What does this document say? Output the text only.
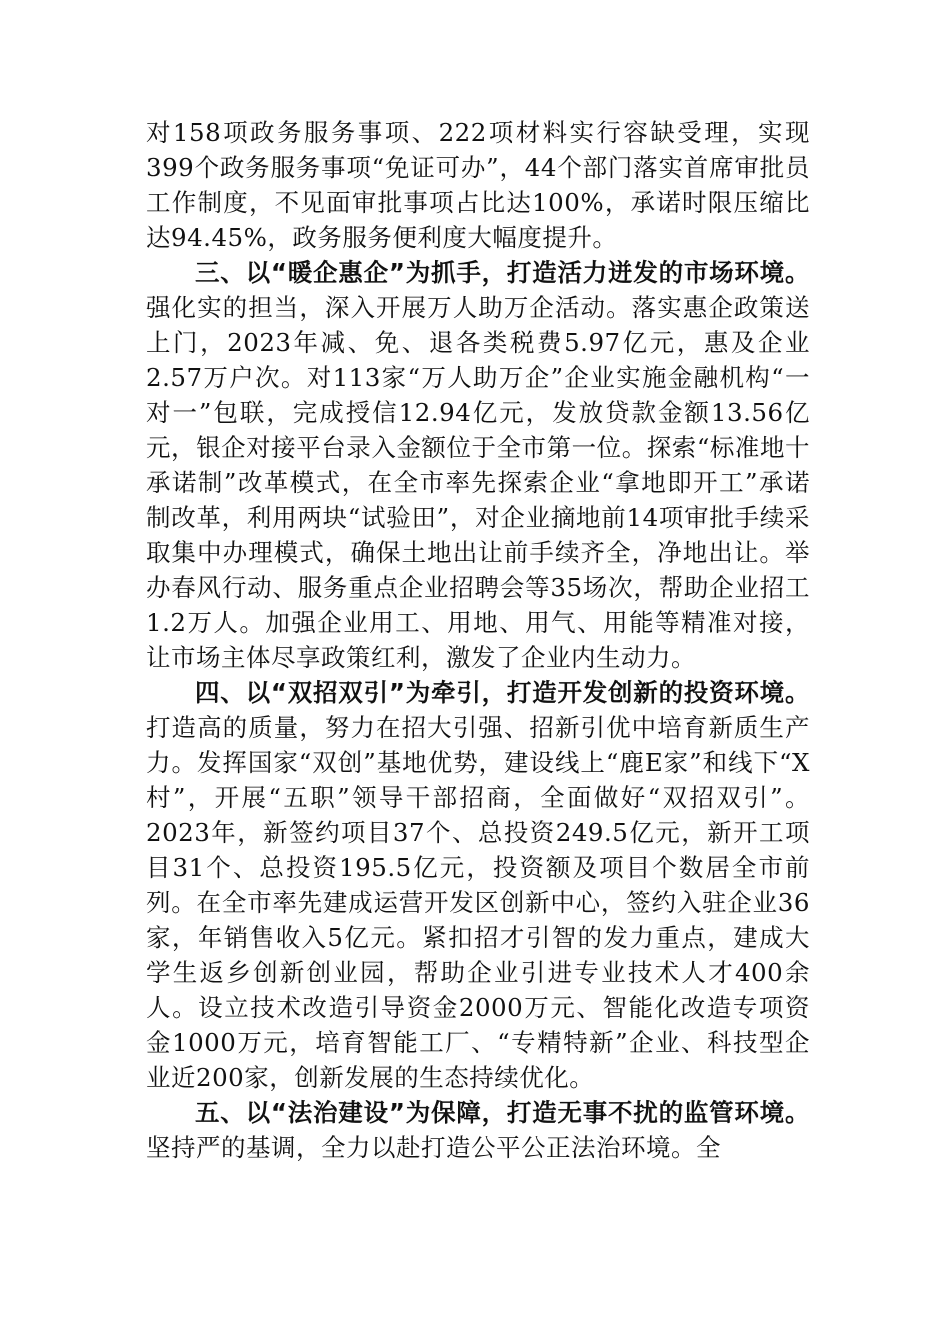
对158项政务服务事项、222项材料实行容缺受理，实现399个政务服务事项“免证可办”，44个部门落实首席审批员工作制度，不见面审批事项占比达100%，承诺时限压缩比达94.45%，政务服务便利度大幅度提升。

三、以“暖企惠企”为抓手，打造活力迸发的市场环境。强化实的担当，深入开展万人助万企活动。落实惠企政策送上门，2023年减、免、退各类税费5.97亿元，惠及企业2.57万户次。对113家“万人助万企”企业实施金融机构“一对一”包联，完成授信12.94亿元，发放贷款金额13.56亿元，银企对接平台录入金额位于全市第一位。探索“标准地十承诺制”改革模式，在全市率先探索企业“拿地即开工”承诺制改革，利用两块“试验田”，对企业摘地前14项审批手续采取集中办理模式，确保土地出让前手续齐全，净地出让。举办春风行动、服务重点企业招聘会等35场次，帮助企业招工1.2万人。加强企业用工、用地、用气、用能等精准对接，让市场主体尽享政策红利，激发了企业内生动力。

四、以“双招双引”为牵引，打造开发创新的投资环境。打造高的质量，努力在招大引强、招新引优中培育新质生产力。发挥国家“双创”基地优势，建设线上“鹿E家”和线下“X村”，开展“五职”领导干部招商，全面做好“双招双引”。2023年，新签约项目37个、总投资249.5亿元，新开工项目31个、总投资195.5亿元，投资额及项目个数居全市前列。在全市率先建成运营开发区创新中心，签约入驻企业36家，年销售收入5亿元。紧扣招才引智的发力重点，建成大学生返乡创新创业园，帮助企业引进专业技术人才400余人。设立技术改造引导资金2000万元、智能化改造专项资金1000万元，培育智能工厂、“专精特新”企业、科技型企业近200家，创新发展的生态持续优化。

五、以“法治建设”为保障，打造无事不扰的监管环境。坚持严的基调，全力以赴打造公平公正法治环境。全
